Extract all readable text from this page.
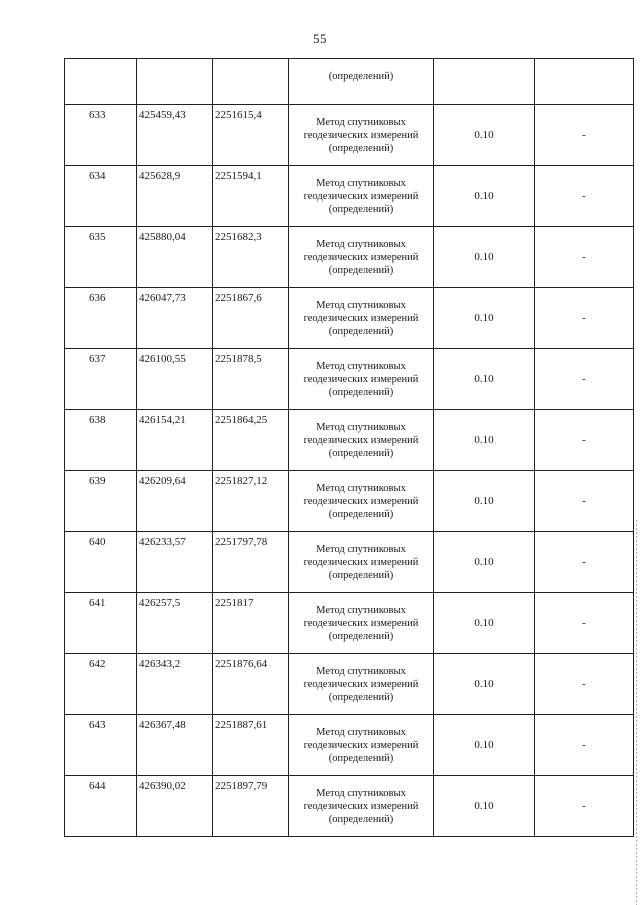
55
			(определений)		
633	425459,43	2251615,4	Метод спутниковых
геодезических измерений
(определений)	0.10	-
634	425628,9	2251594,1	Метод спутниковых
геодезических измерений
(определений)	0.10	-
635	425880,04	2251682,3	Метод спутниковых
геодезических измерений
(определений)	0.10	-
636	426047,73	2251867,6	Метод спутниковых
геодезических измерений
(определений)	0.10	-
637	426100,55	2251878,5	Метод спутниковых
геодезических измерений
(определений)	0.10	-
638	426154,21	2251864,25	Метод спутниковых
геодезических измерений
(определений)	0.10	-
639	426209,64	2251827,12	Метод спутниковых
геодезических измерений
(определений)	0.10	-
640	426233,57	2251797,78	Метод спутниковых
геодезических измерений
(определений)	0.10	-
641	426257,5	2251817	Метод спутниковых
геодезических измерений
(определений)	0.10	-
642	426343,2	2251876,64	Метод спутниковых
геодезических измерений
(определений)	0.10	-
643	426367,48	2251887,61	Метод спутниковых
геодезических измерений
(определений)	0.10	-
644	426390,02	2251897,79	Метод спутниковых
геодезических измерений
(определений)	0.10	-
